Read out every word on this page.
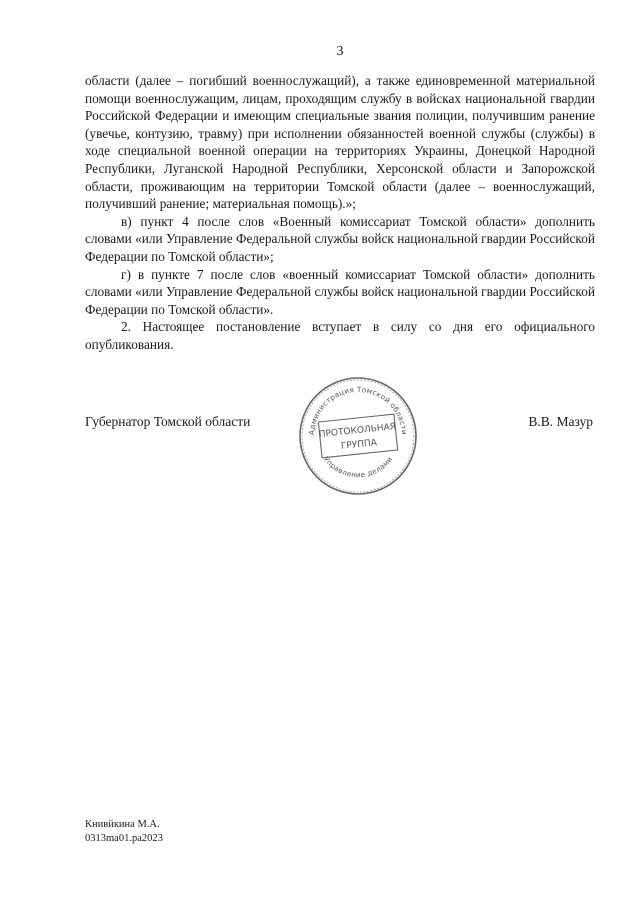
3

области (далее – погибший военнослужащий), а также единовременной материальной помощи военнослужащим, лицам, проходящим службу в войсках национальной гвардии Российской Федерации и имеющим специальные звания полиции, получившим ранение (увечье, контузию, травму) при исполнении обязанностей военной службы (службы) в ходе специальной военной операции на территориях Украины, Донецкой Народной Республики, Луганской Народной Республики, Херсонской области и Запорожской области, проживающим на территории Томской области (далее – военнослужащий, получивший ранение; материальная помощь).»;

в) пункт 4 после слов «Военный комиссариат Томской области» дополнить словами «или Управление Федеральной службы войск национальной гвардии Российской Федерации по Томской области»;

г) в пункте 7 после слов «военный комиссариат Томской области» дополнить словами «или Управление Федеральной службы войск национальной гвардии Российской Федерации по Томской области».

2. Настоящее постановление вступает в силу со дня его официального опубликования.

Губернатор Томской области	В.В. Мазур
Администрация Томской области
Управление делами
ПРОТОКОЛЬНАЯ
ГРУППА
Книвйкина М.А.
0313ma01.pa2023
